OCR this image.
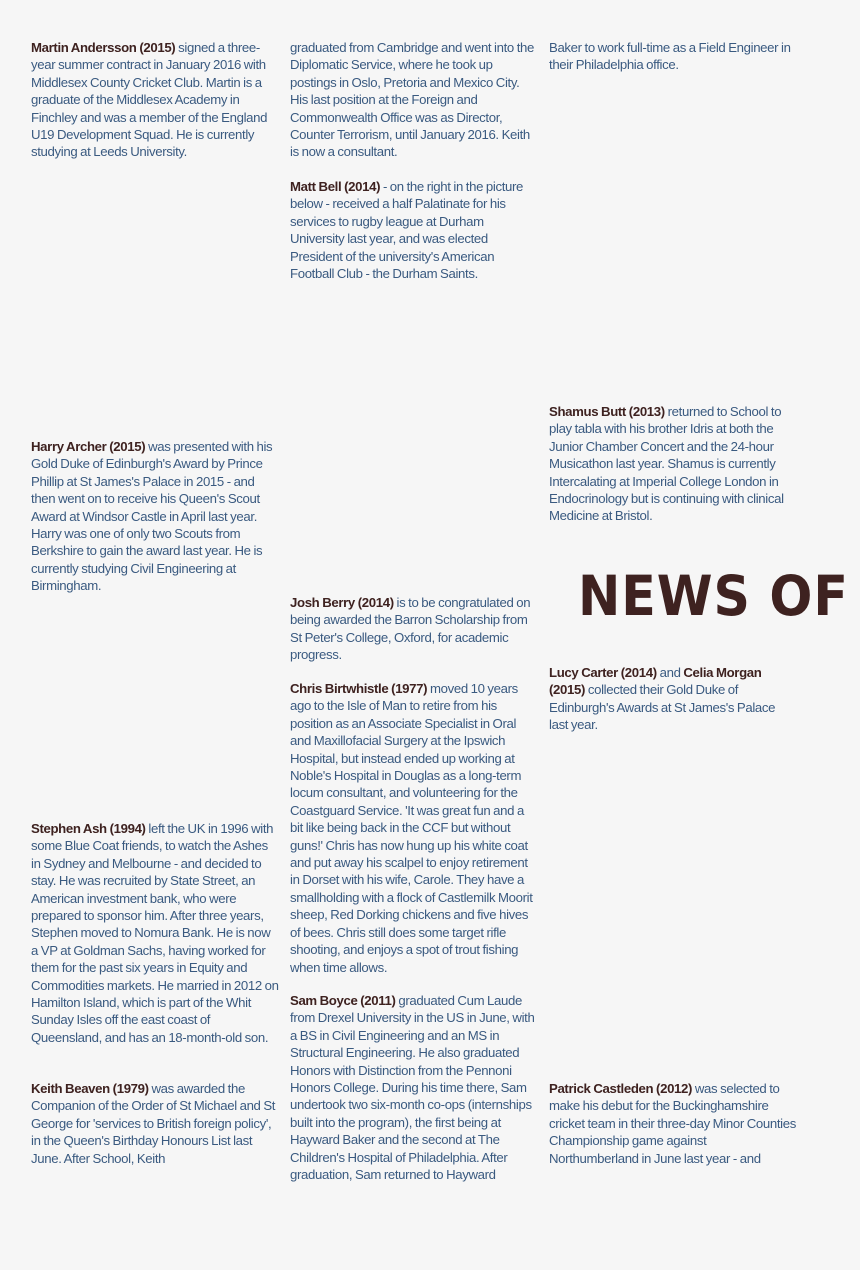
Martin Andersson (2015) signed a three-year summer contract in January 2016 with Middlesex County Cricket Club. Martin is a graduate of the Middlesex Academy in Finchley and was a member of the England U19 Development Squad. He is currently studying at Leeds University.
Harry Archer (2015) was presented with his Gold Duke of Edinburgh's Award by Prince Phillip at St James's Palace in 2015 - and then went on to receive his Queen's Scout Award at Windsor Castle in April last year. Harry was one of only two Scouts from Berkshire to gain the award last year. He is currently studying Civil Engineering at Birmingham.
Stephen Ash (1994) left the UK in 1996 with some Blue Coat friends, to watch the Ashes in Sydney and Melbourne - and decided to stay. He was recruited by State Street, an American investment bank, who were prepared to sponsor him. After three years, Stephen moved to Nomura Bank. He is now a VP at Goldman Sachs, having worked for them for the past six years in Equity and Commodities markets. He married in 2012 on Hamilton Island, which is part of the Whit Sunday Isles off the east coast of Queensland, and has an 18-month-old son.
Keith Beaven (1979) was awarded the Companion of the Order of St Michael and St George for 'services to British foreign policy', in the Queen's Birthday Honours List last June. After School, Keith
graduated from Cambridge and went into the Diplomatic Service, where he took up postings in Oslo, Pretoria and Mexico City. His last position at the Foreign and Commonwealth Office was as Director, Counter Terrorism, until January 2016. Keith is now a consultant.
Matt Bell (2014) - on the right in the picture below - received a half Palatinate for his services to rugby league at Durham University last year, and was elected President of the university's American Football Club - the Durham Saints.
Josh Berry (2014) is to be congratulated on being awarded the Barron Scholarship from St Peter's College, Oxford, for academic progress.
Chris Birtwhistle (1977) moved 10 years ago to the Isle of Man to retire from his position as an Associate Specialist in Oral and Maxillofacial Surgery at the Ipswich Hospital, but instead ended up working at Noble's Hospital in Douglas as a long-term locum consultant, and volunteering for the Coastguard Service. 'It was great fun and a bit like being back in the CCF but without guns!' Chris has now hung up his white coat and put away his scalpel to enjoy retirement in Dorset with his wife, Carole. They have a smallholding with a flock of Castlemilk Moorit sheep, Red Dorking chickens and five hives of bees. Chris still does some target rifle shooting, and enjoys a spot of trout fishing when time allows.
Sam Boyce (2011) graduated Cum Laude from Drexel University in the US in June, with a BS in Civil Engineering and an MS in Structural Engineering. He also graduated Honors with Distinction from the Pennoni Honors College. During his time there, Sam undertook two six-month co-ops (internships built into the program), the first being at Hayward Baker and the second at The Children's Hospital of Philadelphia. After graduation, Sam returned to Hayward
Baker to work full-time as a Field Engineer in their Philadelphia office.
Shamus Butt (2013) returned to School to play tabla with his brother Idris at both the Junior Chamber Concert and the 24-hour Musicathon last year. Shamus is currently Intercalating at Imperial College London in Endocrinology but is continuing with clinical Medicine at Bristol.
NEWS OF
Lucy Carter (2014) and Celia Morgan (2015) collected their Gold Duke of Edinburgh's Awards at St James's Palace last year.
Patrick Castleden (2012) was selected to make his debut for the Buckinghamshire cricket team in their three-day Minor Counties Championship game against Northumberland in June last year - and
